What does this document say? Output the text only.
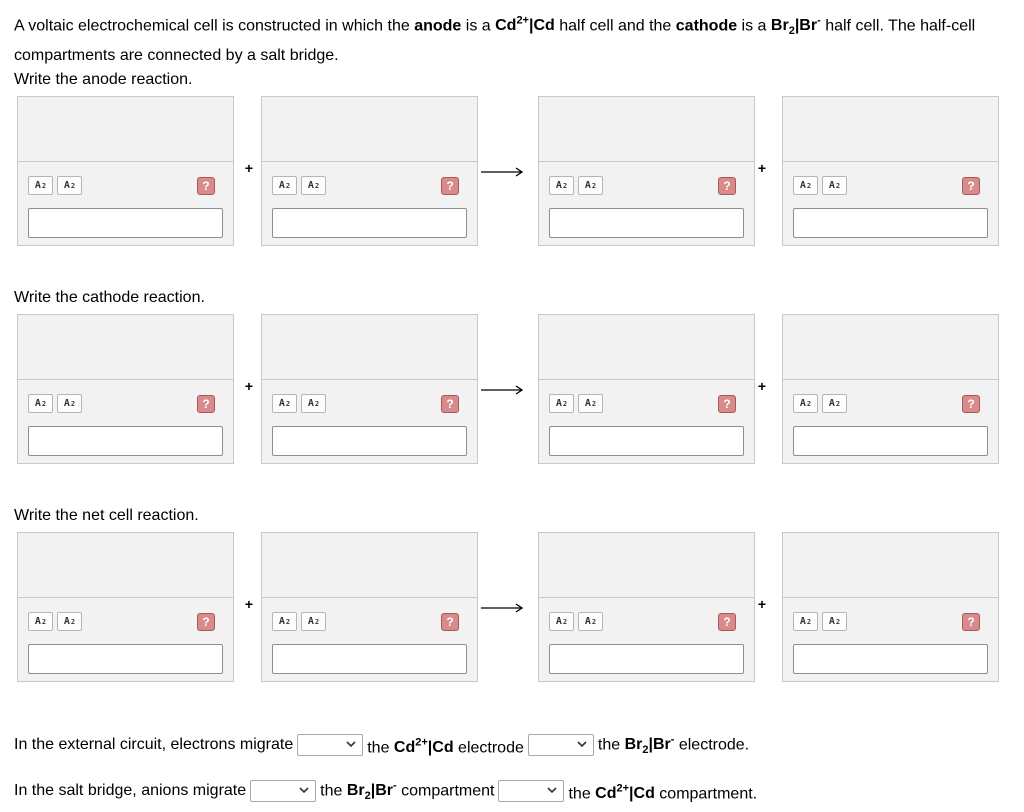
A voltaic electrochemical cell is constructed in which the anode is a $Cd^{2+}|Cd$ half cell and the cathode is a $Br_2|Br^-$ half cell. The half-cell compartments are connected by a salt bridge.
Write the anode reaction.
A 2 A 2	?	A 2 A 2	?	A 2 A 2	?	A 2 A 2	?
+	+
Write the cathode reaction.
A 2 A 2	?	A 2 A 2	?	A 2 A 2	?	A 2 A 2	?
+	+
Write the net cell reaction.
A 2 A 2	?	A 2 A 2	?	A 2 A 2	?	A 2 A 2	?
+	+
In the external circuit, electrons migrate	the $Cd^{2+}|Cd$ electrode	the $Br_2|Br^-$ electrode.
In the salt bridge, anions migrate	the $Br_2|Br^-$ compartment	the $Cd^{2+}|Cd$ compartment.
